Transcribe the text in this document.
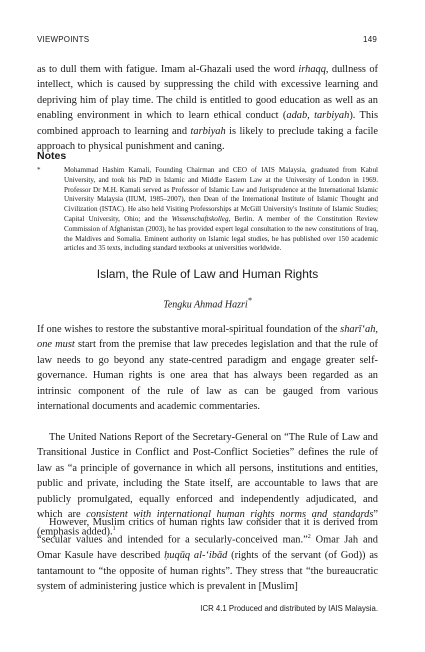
VIEWPOINTS	149
as to dull them with fatigue. Imam al-Ghazali used the word irhaqq, dullness of intellect, which is caused by suppressing the child with excessive learning and depriving him of play time. The child is entitled to good education as well as an enabling environment in which to learn ethical conduct (adab, tarbiyah). This combined approach to learning and tarbiyah is likely to preclude taking a facile approach to physical punishment and caning.
Notes
*	Mohammad Hashim Kamali, Founding Chairman and CEO of IAIS Malaysia, graduated from Kabul University, and took his PhD in Islamic and Middle Eastern Law at the University of London in 1969. Professor Dr M.H. Kamali served as Professor of Islamic Law and Jurisprudence at the International Islamic University Malaysia (IIUM, 1985–2007), then Dean of the International Institute of Islamic Thought and Civilization (ISTAC). He also held Visiting Professorships at McGill University's Institute of Islamic Studies; Capital University, Ohio; and the Wissenschaftskolleg, Berlin. A member of the Constitution Review Commission of Afghanistan (2003), he has provided expert legal consultation to the new constitutions of Iraq, the Maldives and Somalia. Eminent authority on Islamic legal studies, he has published over 150 academic articles and 35 texts, including standard textbooks at universities worldwide.
Islam, the Rule of Law and Human Rights
Tengku Ahmad Hazri*
If one wishes to restore the substantive moral-spiritual foundation of the sharī‘ah, one must start from the premise that law precedes legislation and that the rule of law needs to go beyond any state-centred paradigm and engage greater self-governance. Human rights is one area that has always been regarded as an intrinsic component of the rule of law as can be gauged from various international documents and academic commentaries.
The United Nations Report of the Secretary-General on “The Rule of Law and Transitional Justice in Conflict and Post-Conflict Societies” defines the rule of law as “a principle of governance in which all persons, institutions and entities, public and private, including the State itself, are accountable to laws that are publicly promulgated, equally enforced and independently adjudicated, and which are consistent with international human rights norms and standards” (emphasis added).$^1$
However, Muslim critics of human rights law consider that it is derived from “secular values and intended for a secularly-conceived man.”$^2$ Omar Jah and Omar Kasule have described ḥuqūq al-‘ibād (rights of the servant (of God)) as tantamount to “the opposite of human rights”. They stress that “the bureaucratic system of administering justice which is prevalent in [Muslim]
ICR 4.1 Produced and distributed by IAIS Malaysia.
